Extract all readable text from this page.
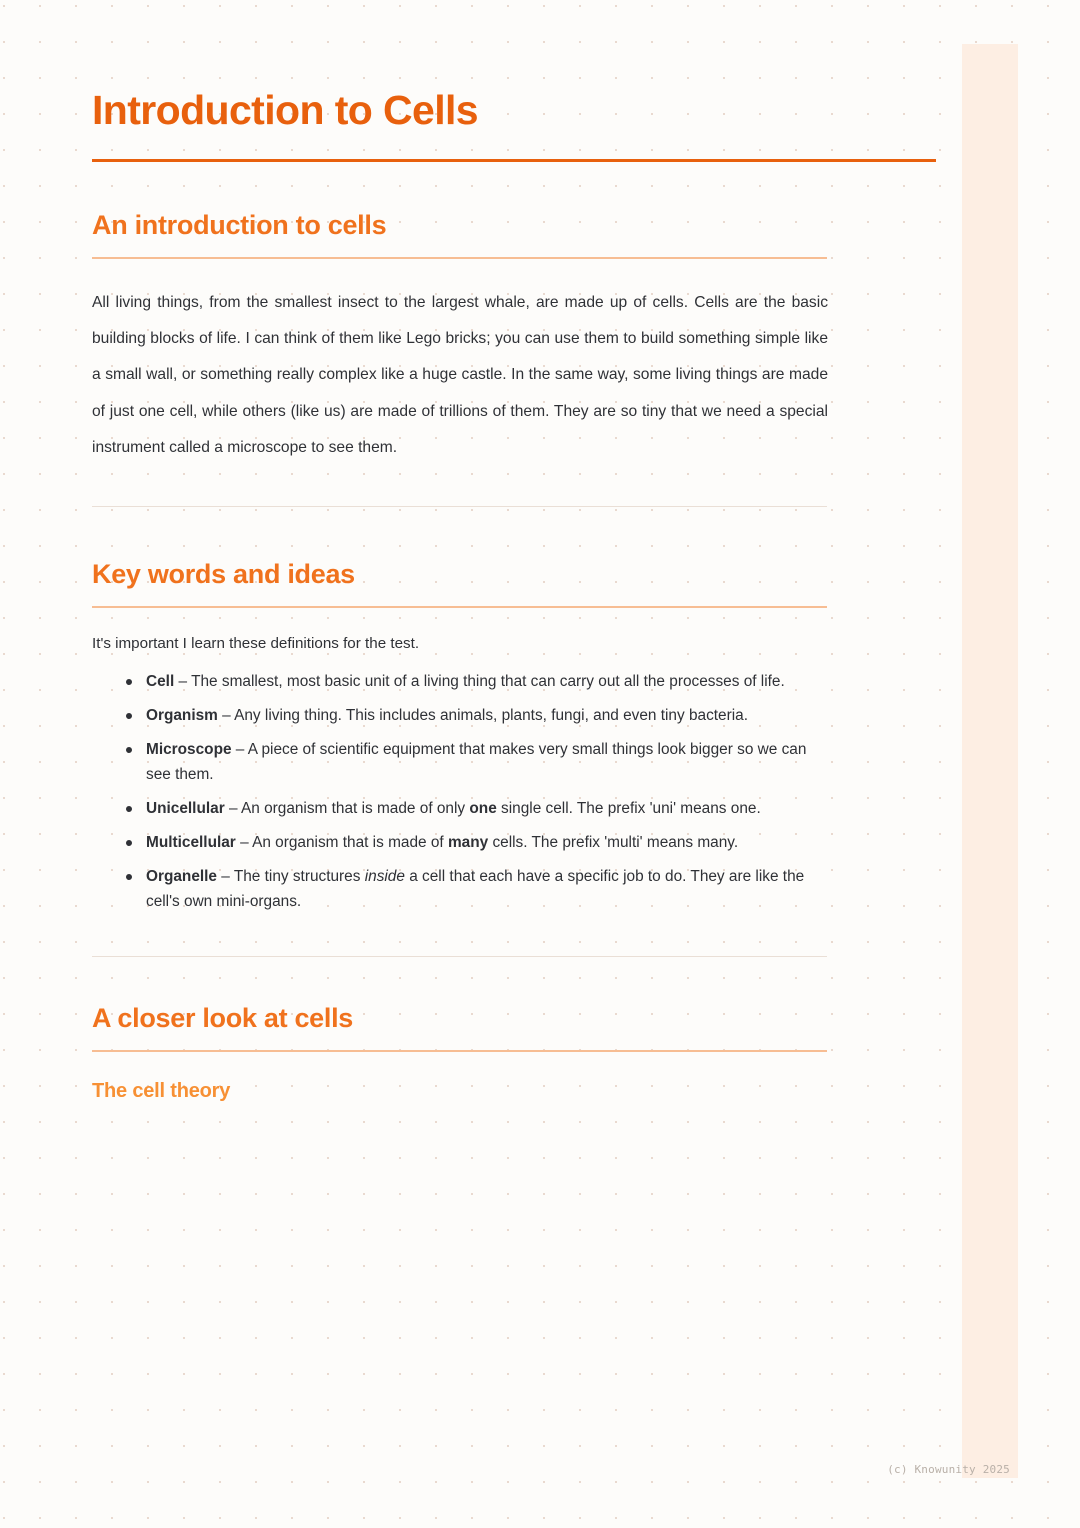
Introduction to Cells
An introduction to cells

All living things, from the smallest insect to the largest whale, are made up of cells. Cells are the basic building blocks of life. I can think of them like Lego bricks; you can use them to build something simple like a small wall, or something really complex like a huge castle. In the same way, some living things are made of just one cell, while others (like us) are made of trillions of them. They are so tiny that we need a special instrument called a microscope to see them.

Key words and ideas

It's important I learn these definitions for the test.

Cell – The smallest, most basic unit of a living thing that can carry out all the processes of life.
Organism – Any living thing. This includes animals, plants, fungi, and even tiny bacteria.
Microscope – A piece of scientific equipment that makes very small things look bigger so we can see them.
Unicellular – An organism that is made of only one single cell. The prefix 'uni' means one.
Multicellular – An organism that is made of many cells. The prefix 'multi' means many.
Organelle – The tiny structures inside a cell that each have a specific job to do. They are like the cell's own mini-organs.
A closer look at cells
The cell theory
(c) Knowunity 2025
